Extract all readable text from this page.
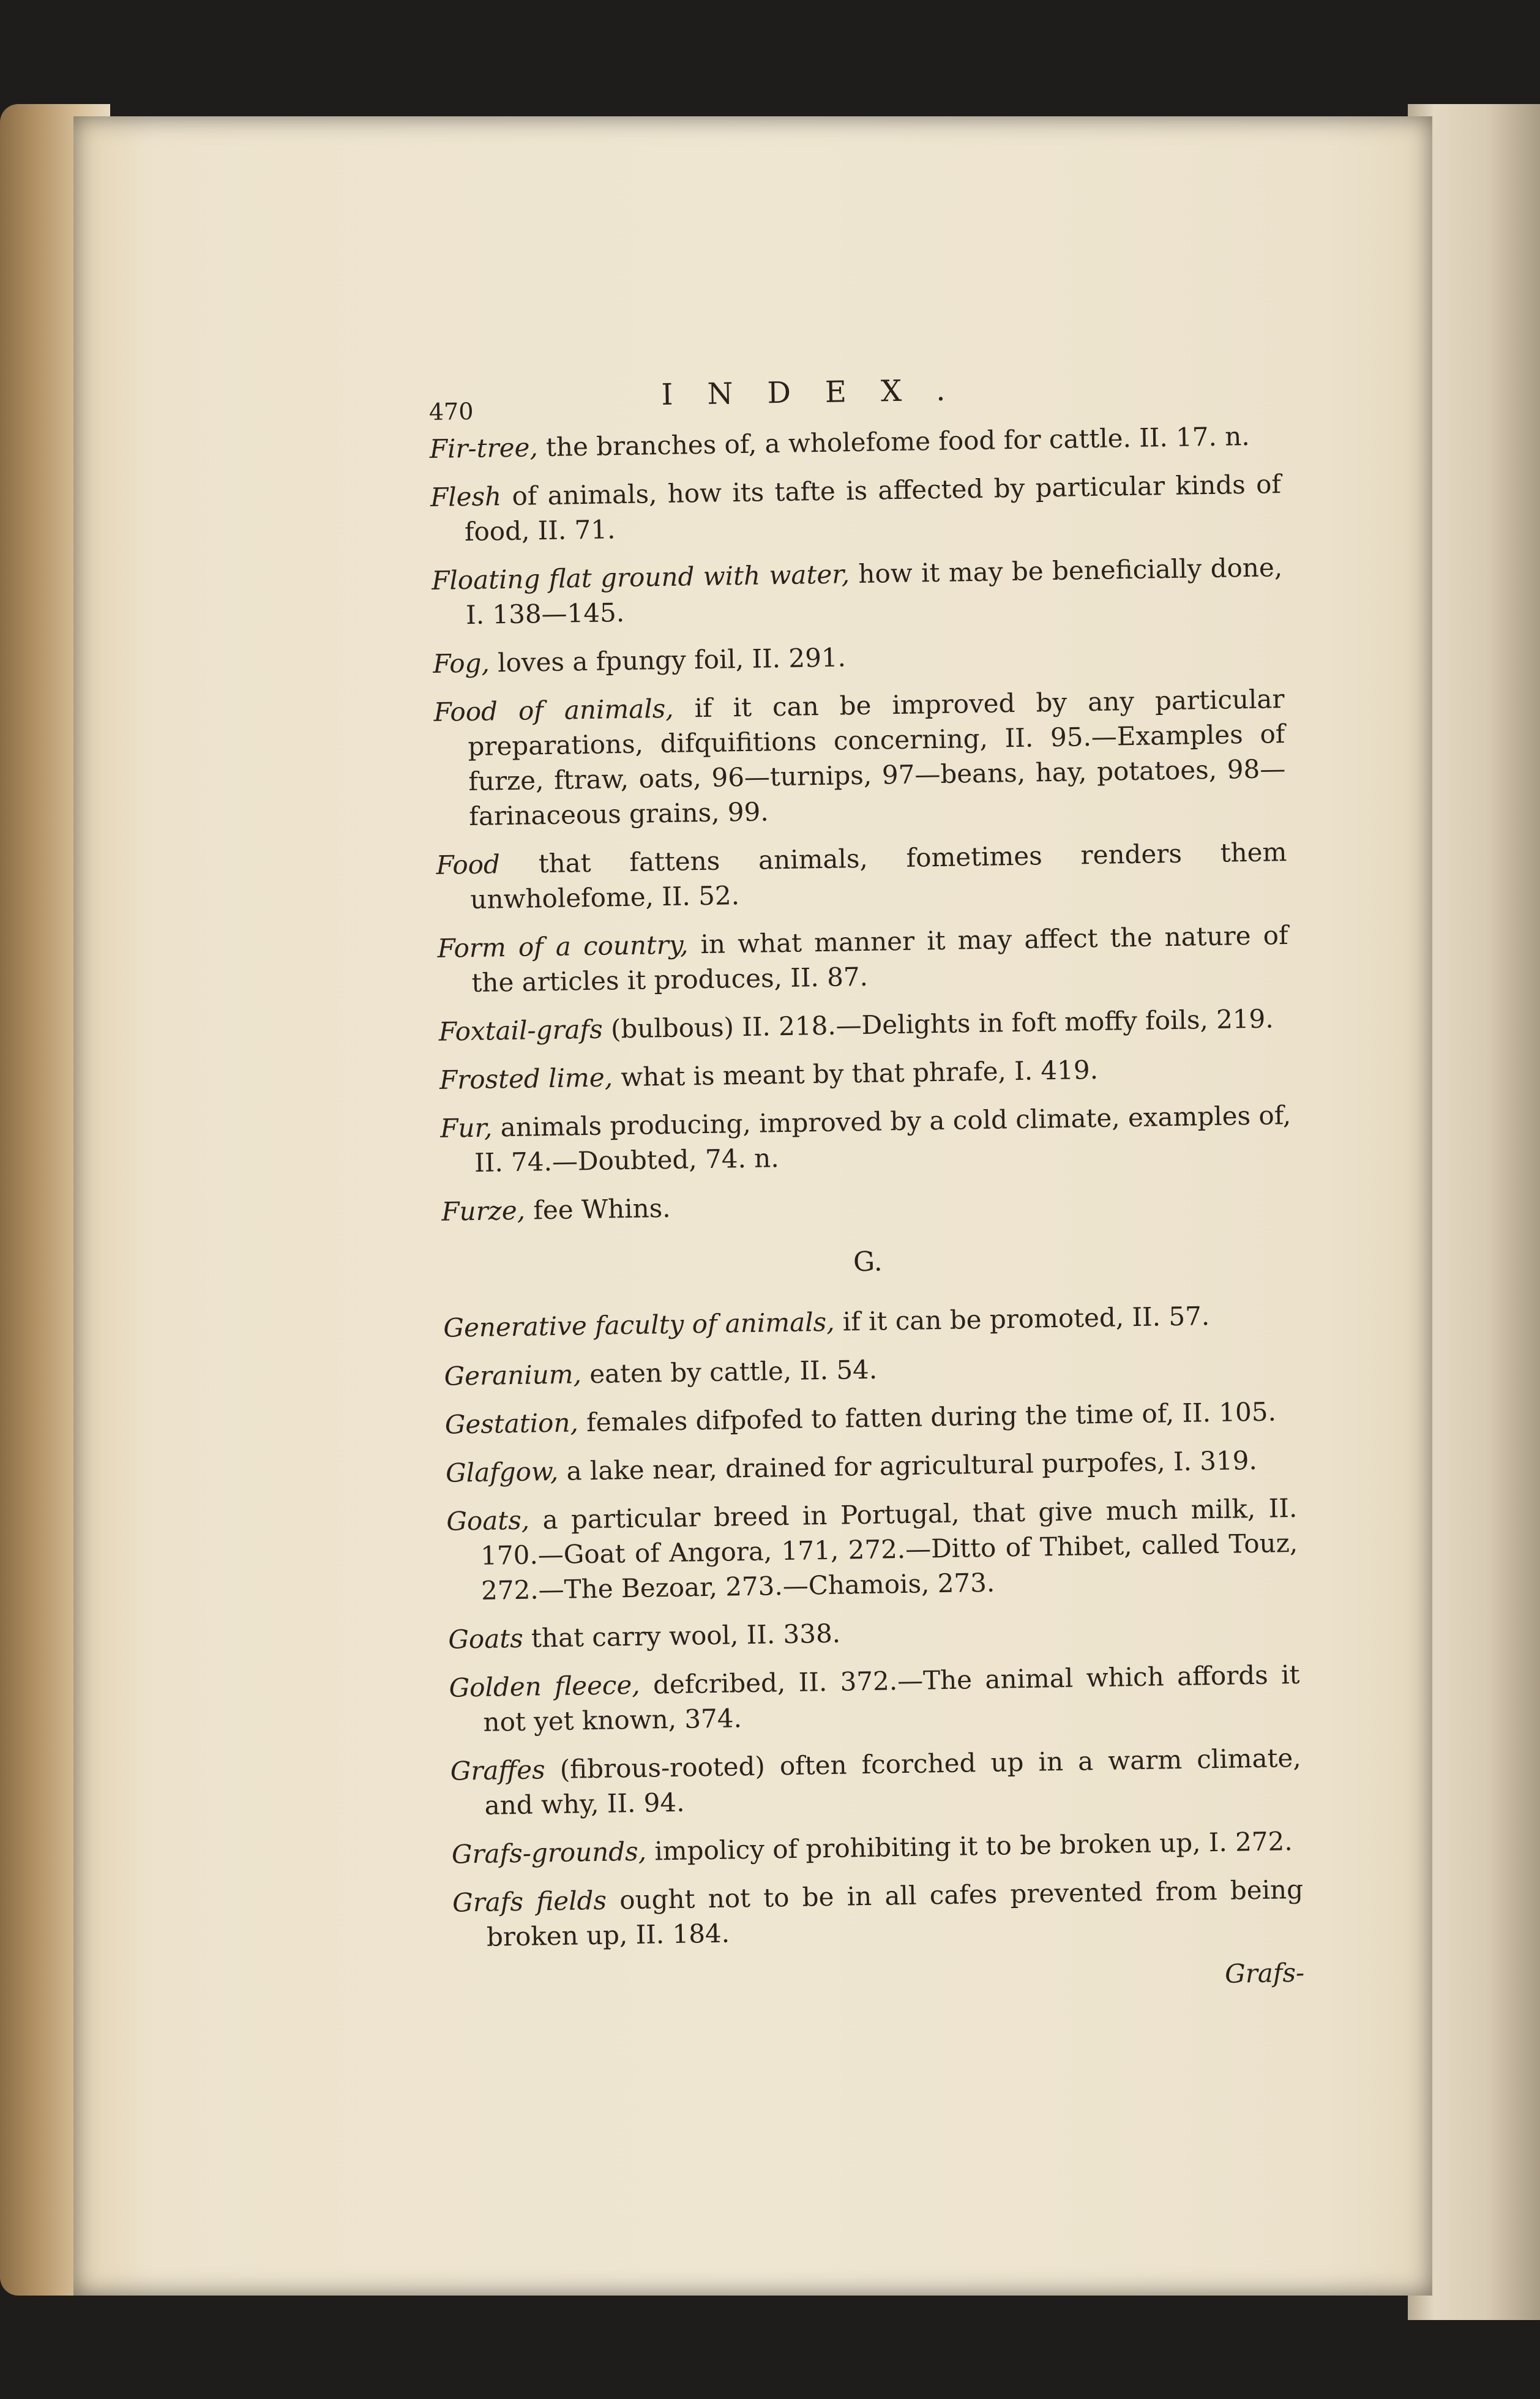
470	INDEX.
Fir-tree, the branches of, a wholefome food for cattle. II. 17. n.
Flesh of animals, how its tafte is affected by particular kinds of food, II. 71.
Floating flat ground with water, how it may be beneficially done, I. 138—145.
Fog, loves a fpungy foil, II. 291.
Food of animals, if it can be improved by any particular preparations, difquifitions concerning, II. 95.—Examples of furze, ftraw, oats, 96—turnips, 97—beans, hay, potatoes, 98—farinaceous grains, 99.
Food that fattens animals, fometimes renders them unwholefome, II. 52.
Form of a country, in what manner it may affect the nature of the articles it produces, II. 87.
Foxtail-grafs (bulbous) II. 218.—Delights in foft moffy foils, 219.
Frosted lime, what is meant by that phrafe, I. 419.
Fur, animals producing, improved by a cold climate, examples of, II. 74.—Doubted, 74. n.
Furze, fee Whins.
G.
Generative faculty of animals, if it can be promoted, II. 57.
Geranium, eaten by cattle, II. 54.
Gestation, females difpofed to fatten during the time of, II. 105.
Glafgow, a lake near, drained for agricultural purpofes, I. 319.
Goats, a particular breed in Portugal, that give much milk, II. 170.—Goat of Angora, 171, 272.—Ditto of Thibet, called Touz, 272.—The Bezoar, 273.—Chamois, 273.
Goats that carry wool, II. 338.
Golden fleece, defcribed, II. 372.—The animal which affords it not yet known, 374.
Graffes (fibrous-rooted) often fcorched up in a warm climate, and why, II. 94.
Grafs-grounds, impolicy of prohibiting it to be broken up, I. 272.
Grafs fields ought not to be in all cafes prevented from being broken up, II. 184.
Grafs-
